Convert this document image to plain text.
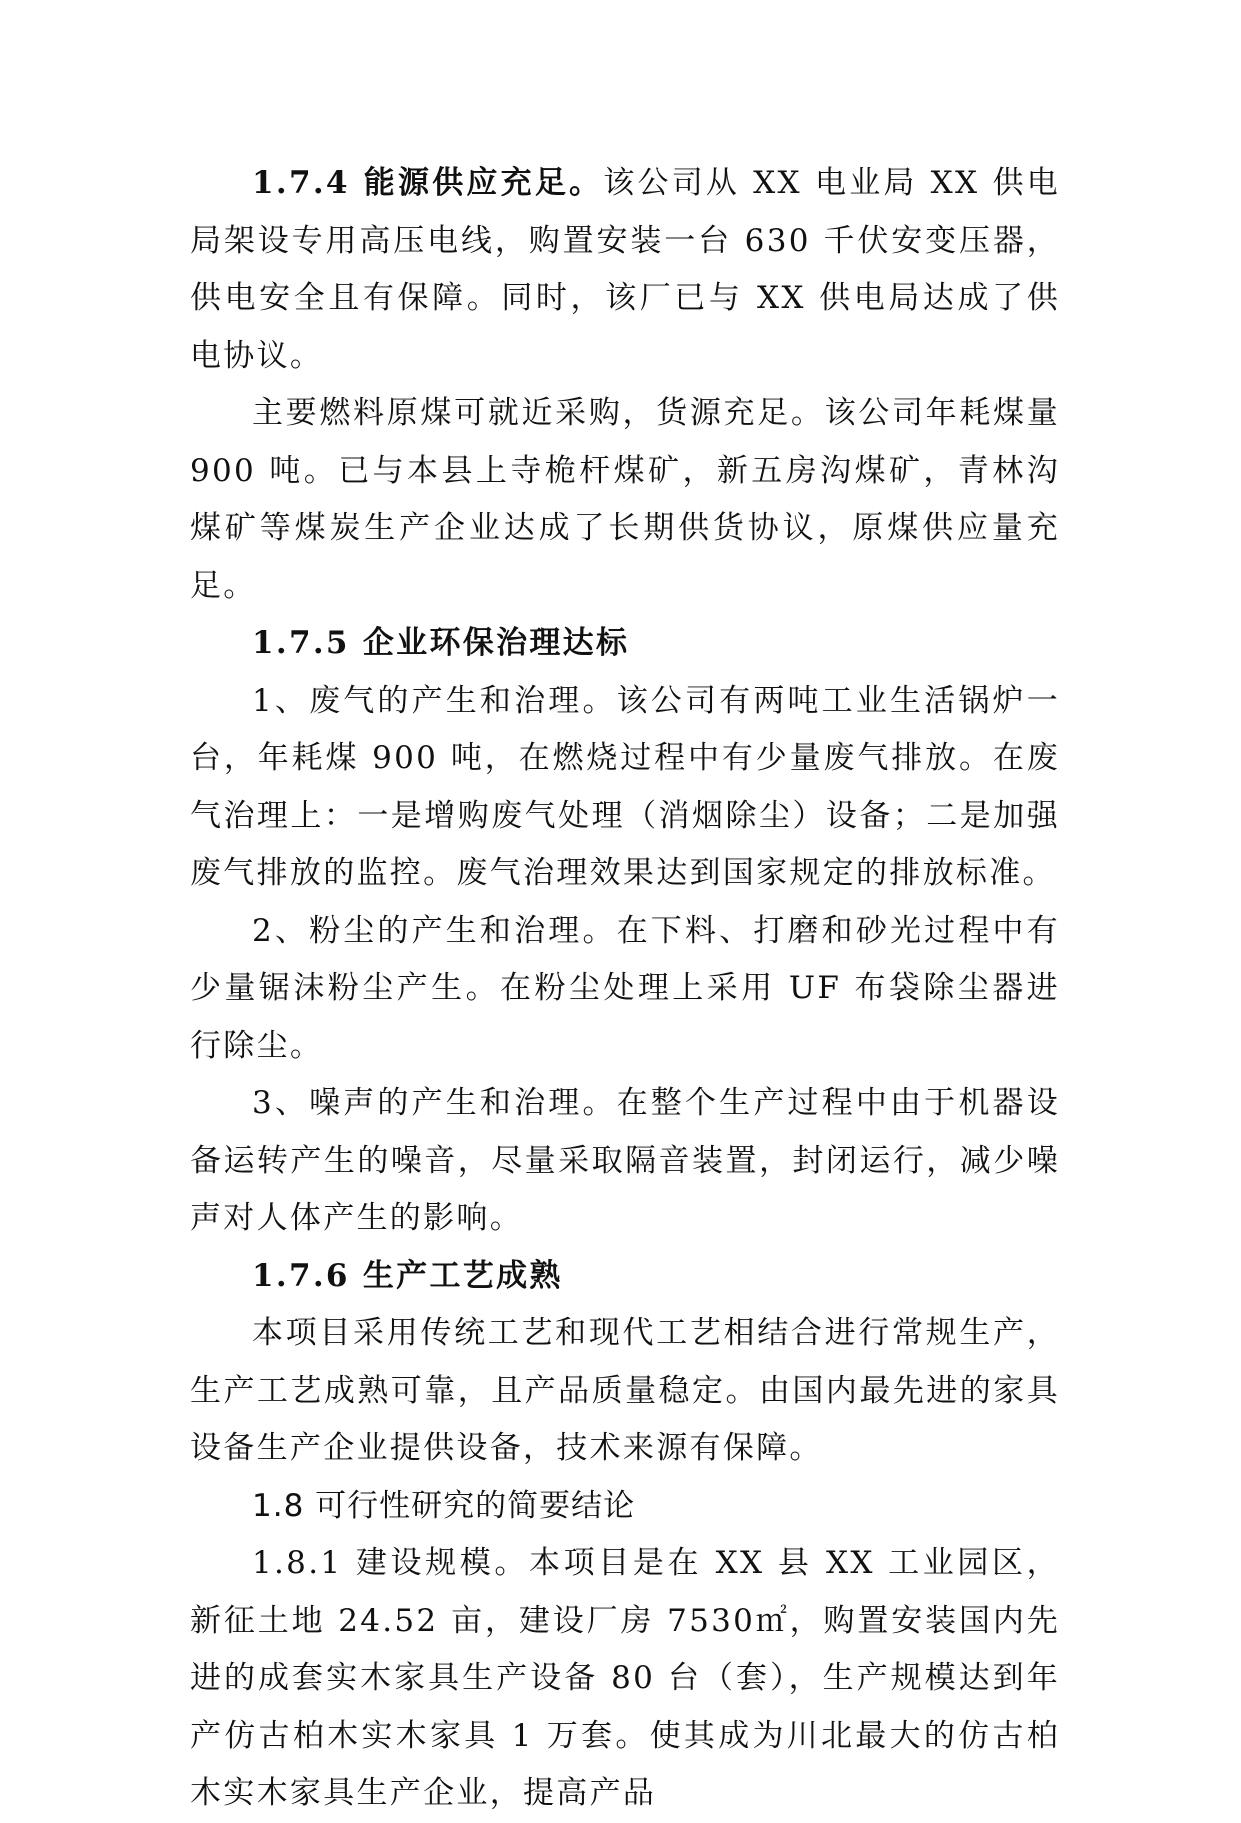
1.7.4 能源供应充足。该公司从 XX 电业局 XX 供电局架设专用高压电线，购置安装一台 630 千伏安变压器，供电安全且有保障。同时，该厂已与 XX 供电局达成了供电协议。

主要燃料原煤可就近采购，货源充足。该公司年耗煤量 900 吨。已与本县上寺桅杆煤矿，新五房沟煤矿，青林沟煤矿等煤炭生产企业达成了长期供货协议，原煤供应量充足。

1.7.5 企业环保治理达标

1、废气的产生和治理。该公司有两吨工业生活锅炉一台，年耗煤 900 吨，在燃烧过程中有少量废气排放。在废气治理上：一是增购废气处理（消烟除尘）设备；二是加强废气排放的监控。废气治理效果达到国家规定的排放标准。

2、粉尘的产生和治理。在下料、打磨和砂光过程中有少量锯沫粉尘产生。在粉尘处理上采用 UF 布袋除尘器进行除尘。

3、噪声的产生和治理。在整个生产过程中由于机器设备运转产生的噪音，尽量采取隔音装置，封闭运行，减少噪声对人体产生的影响。

1.7.6 生产工艺成熟

本项目采用传统工艺和现代工艺相结合进行常规生产，生产工艺成熟可靠，且产品质量稳定。由国内最先进的家具设备生产企业提供设备，技术来源有保障。

1.8 可行性研究的简要结论

1.8.1 建设规模。本项目是在 XX 县 XX 工业园区，新征土地 24.52 亩，建设厂房 7530㎡，购置安装国内先进的成套实木家具生产设备 80 台（套），生产规模达到年产仿古柏木实木家具 1 万套。使其成为川北最大的仿古柏木实木家具生产企业，提高产品
